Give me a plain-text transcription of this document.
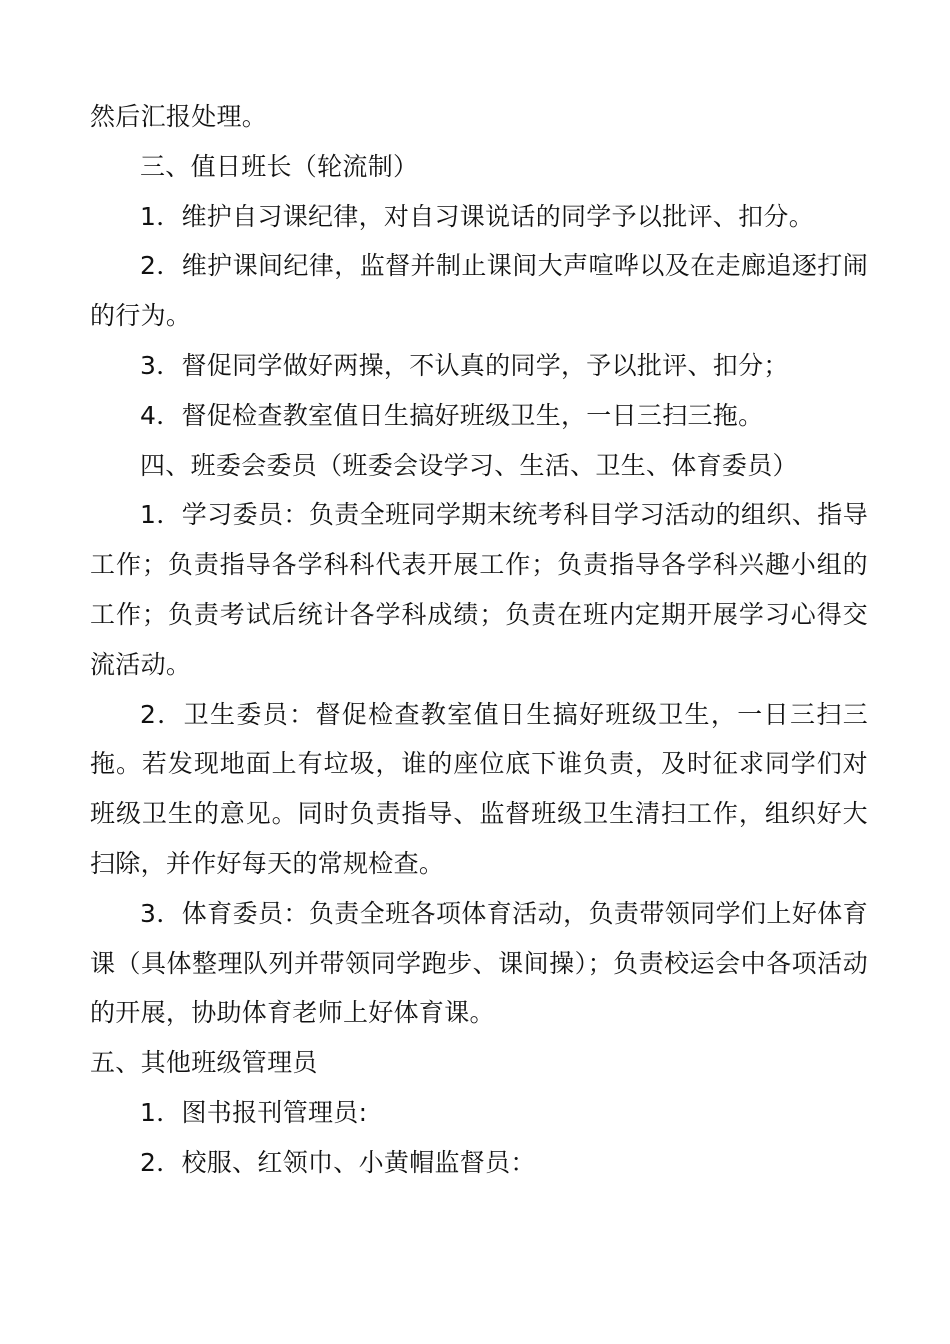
然后汇报处理。

三、值日班长（轮流制）

1．维护自习课纪律，对自习课说话的同学予以批评、扣分。

2．维护课间纪律，监督并制止课间大声喧哗以及在走廊追逐打闹的行为。

3．督促同学做好两操，不认真的同学，予以批评、扣分；

4．督促检查教室值日生搞好班级卫生，一日三扫三拖。

四、班委会委员（班委会设学习、生活、卫生、体育委员）

1．学习委员：负责全班同学期末统考科目学习活动的组织、指导工作；负责指导各学科科代表开展工作；负责指导各学科兴趣小组的工作；负责考试后统计各学科成绩；负责在班内定期开展学习心得交流活动。

2．卫生委员：督促检查教室值日生搞好班级卫生，一日三扫三拖。若发现地面上有垃圾，谁的座位底下谁负责，及时征求同学们对班级卫生的意见。同时负责指导、监督班级卫生清扫工作，组织好大扫除，并作好每天的常规检查。

3．体育委员：负责全班各项体育活动，负责带领同学们上好体育课（具体整理队列并带领同学跑步、课间操）；负责校运会中各项活动的开展，协助体育老师上好体育课。

五、其他班级管理员

1．图书报刊管理员:

2．校服、红领巾、小黄帽监督员：
